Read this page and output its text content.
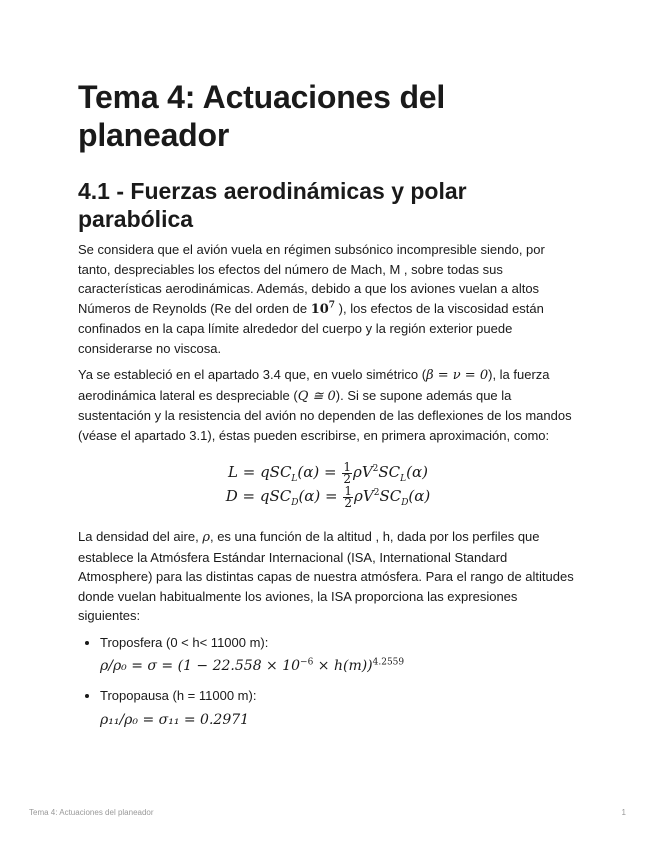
Tema 4: Actuaciones del planeador
4.1 - Fuerzas aerodinámicas y polar parabólica

Se considera que el avión vuela en régimen subsónico incompresible siendo, por tanto, despreciables los efectos del número de Mach, M , sobre todas sus características aerodinámicas. Además, debido a que los aviones vuelan a altos Números de Reynolds (Re del orden de $10^7$ ), los efectos de la viscosidad están confinados en la capa límite alrededor del cuerpo y la región exterior puede considerarse no viscosa.

Ya se estableció en el apartado 3.4 que, en vuelo simétrico (β = ν = 0), la fuerza aerodinámica lateral es despreciable (Q ≅ 0). Si se supone además que la sustentación y la resistencia del avión no dependen de las deflexiones de los mandos (véase el apartado 3.1), éstas pueden escribirse, en primera aproximación, como:

$L = qSC_L(\alpha) = \frac{1}{2} \rho V^2SC_L(\alpha)$
$D = qSC_D(\alpha) = \frac{1}{2} \rho V^2SC_D(\alpha)$

La densidad del aire, ρ, es una función de la altitud , h, dada por los perfiles que establece la Atmósfera Estándar Internacional (ISA, International Standard Atmosphere) para las distintas capas de nuestra atmósfera. Para el rango de altitudes donde vuelan habitualmente los aviones, la ISA proporciona las expresiones siguientes:

• Troposfera (0 < h< 11000 m):
$\rho/\rho_0 = \sigma = (1 - 22.558 \times 10^{-6} \times h(m))^{4.2559}$
• Tropopausa (h = 11000 m):
ρ₁₁/ρ₀ = σ₁₁ = 0.2971
Tema 4: Actuaciones del planeador	1
